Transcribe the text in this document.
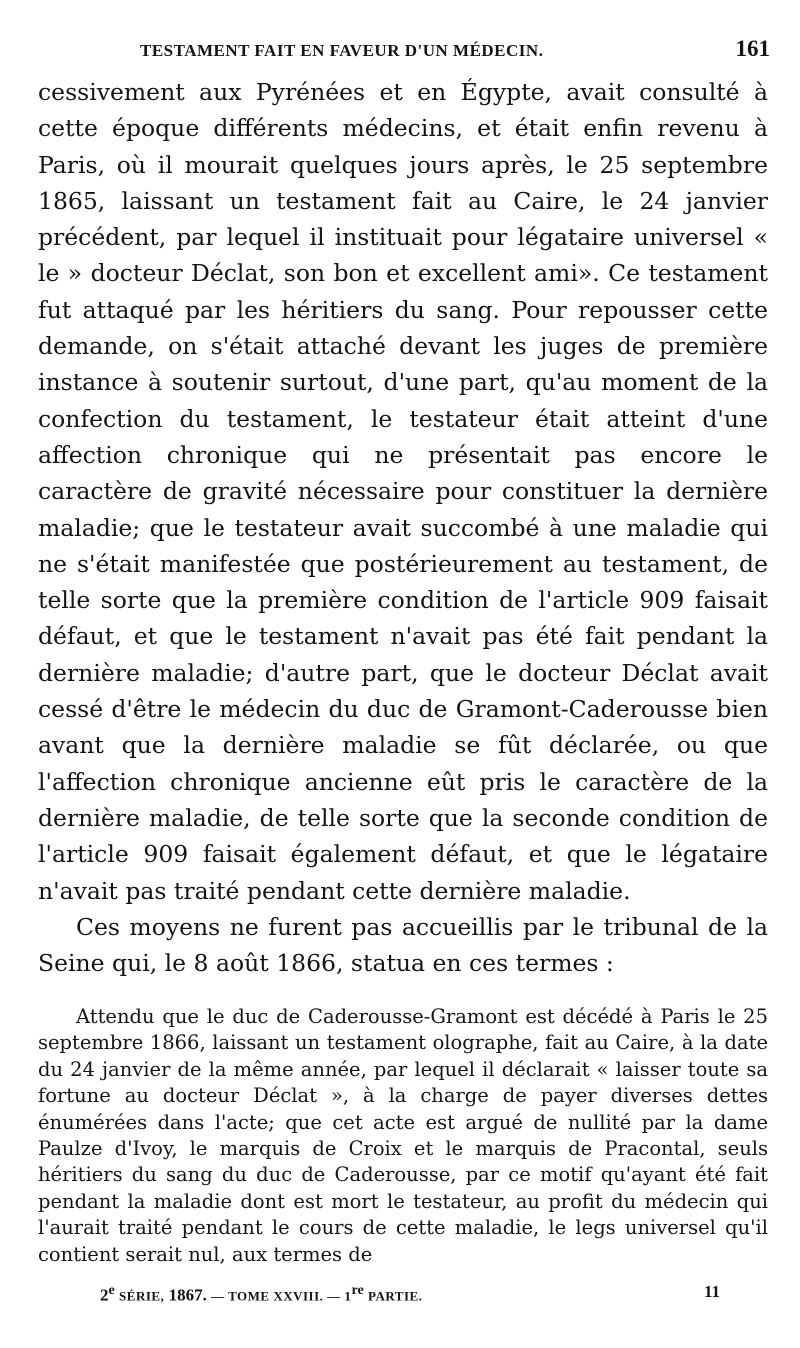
TESTAMENT FAIT EN FAVEUR D'UN MÉDECIN.	161

cessivement aux Pyrénées et en Égypte, avait consulté à cette époque différents médecins, et était enfin revenu à Paris, où il mourait quelques jours après, le 25 septembre 1865, laissant un testament fait au Caire, le 24 janvier précédent, par lequel il instituait pour légataire universel « le » docteur Déclat, son bon et excellent ami». Ce testament fut attaqué par les héritiers du sang. Pour repousser cette demande, on s'était attaché devant les juges de première instance à soutenir surtout, d'une part, qu'au moment de la confection du testament, le testateur était atteint d'une affection chronique qui ne présentait pas encore le caractère de gravité nécessaire pour constituer la dernière maladie; que le testateur avait succombé à une maladie qui ne s'était manifestée que postérieurement au testament, de telle sorte que la première condition de l'article 909 faisait défaut, et que le testament n'avait pas été fait pendant la dernière maladie; d'autre part, que le docteur Déclat avait cessé d'être le médecin du duc de Gramont-Caderousse bien avant que la dernière maladie se fût déclarée, ou que l'affection chronique ancienne eût pris le caractère de la dernière maladie, de telle sorte que la seconde condition de l'article 909 faisait également défaut, et que le légataire n'avait pas traité pendant cette dernière maladie.

Ces moyens ne furent pas accueillis par le tribunal de la Seine qui, le 8 août 1866, statua en ces termes :

Attendu que le duc de Caderousse-Gramont est décédé à Paris le 25 septembre 1866, laissant un testament olographe, fait au Caire, à la date du 24 janvier de la même année, par lequel il déclarait « laisser toute sa fortune au docteur Déclat », à la charge de payer diverses dettes énumérées dans l'acte; que cet acte est argué de nullité par la dame Paulze d'Ivoy, le marquis de Croix et le marquis de Pracontal, seuls héritiers du sang du duc de Caderousse, par ce motif qu'ayant été fait pendant la maladie dont est mort le testateur, au profit du médecin qui l'aurait traité pendant le cours de cette maladie, le legs universel qu'il contient serait nul, aux termes de

2e SÉRIE, 1867. — TOME XXVIII. — 1re PARTIE.	11
